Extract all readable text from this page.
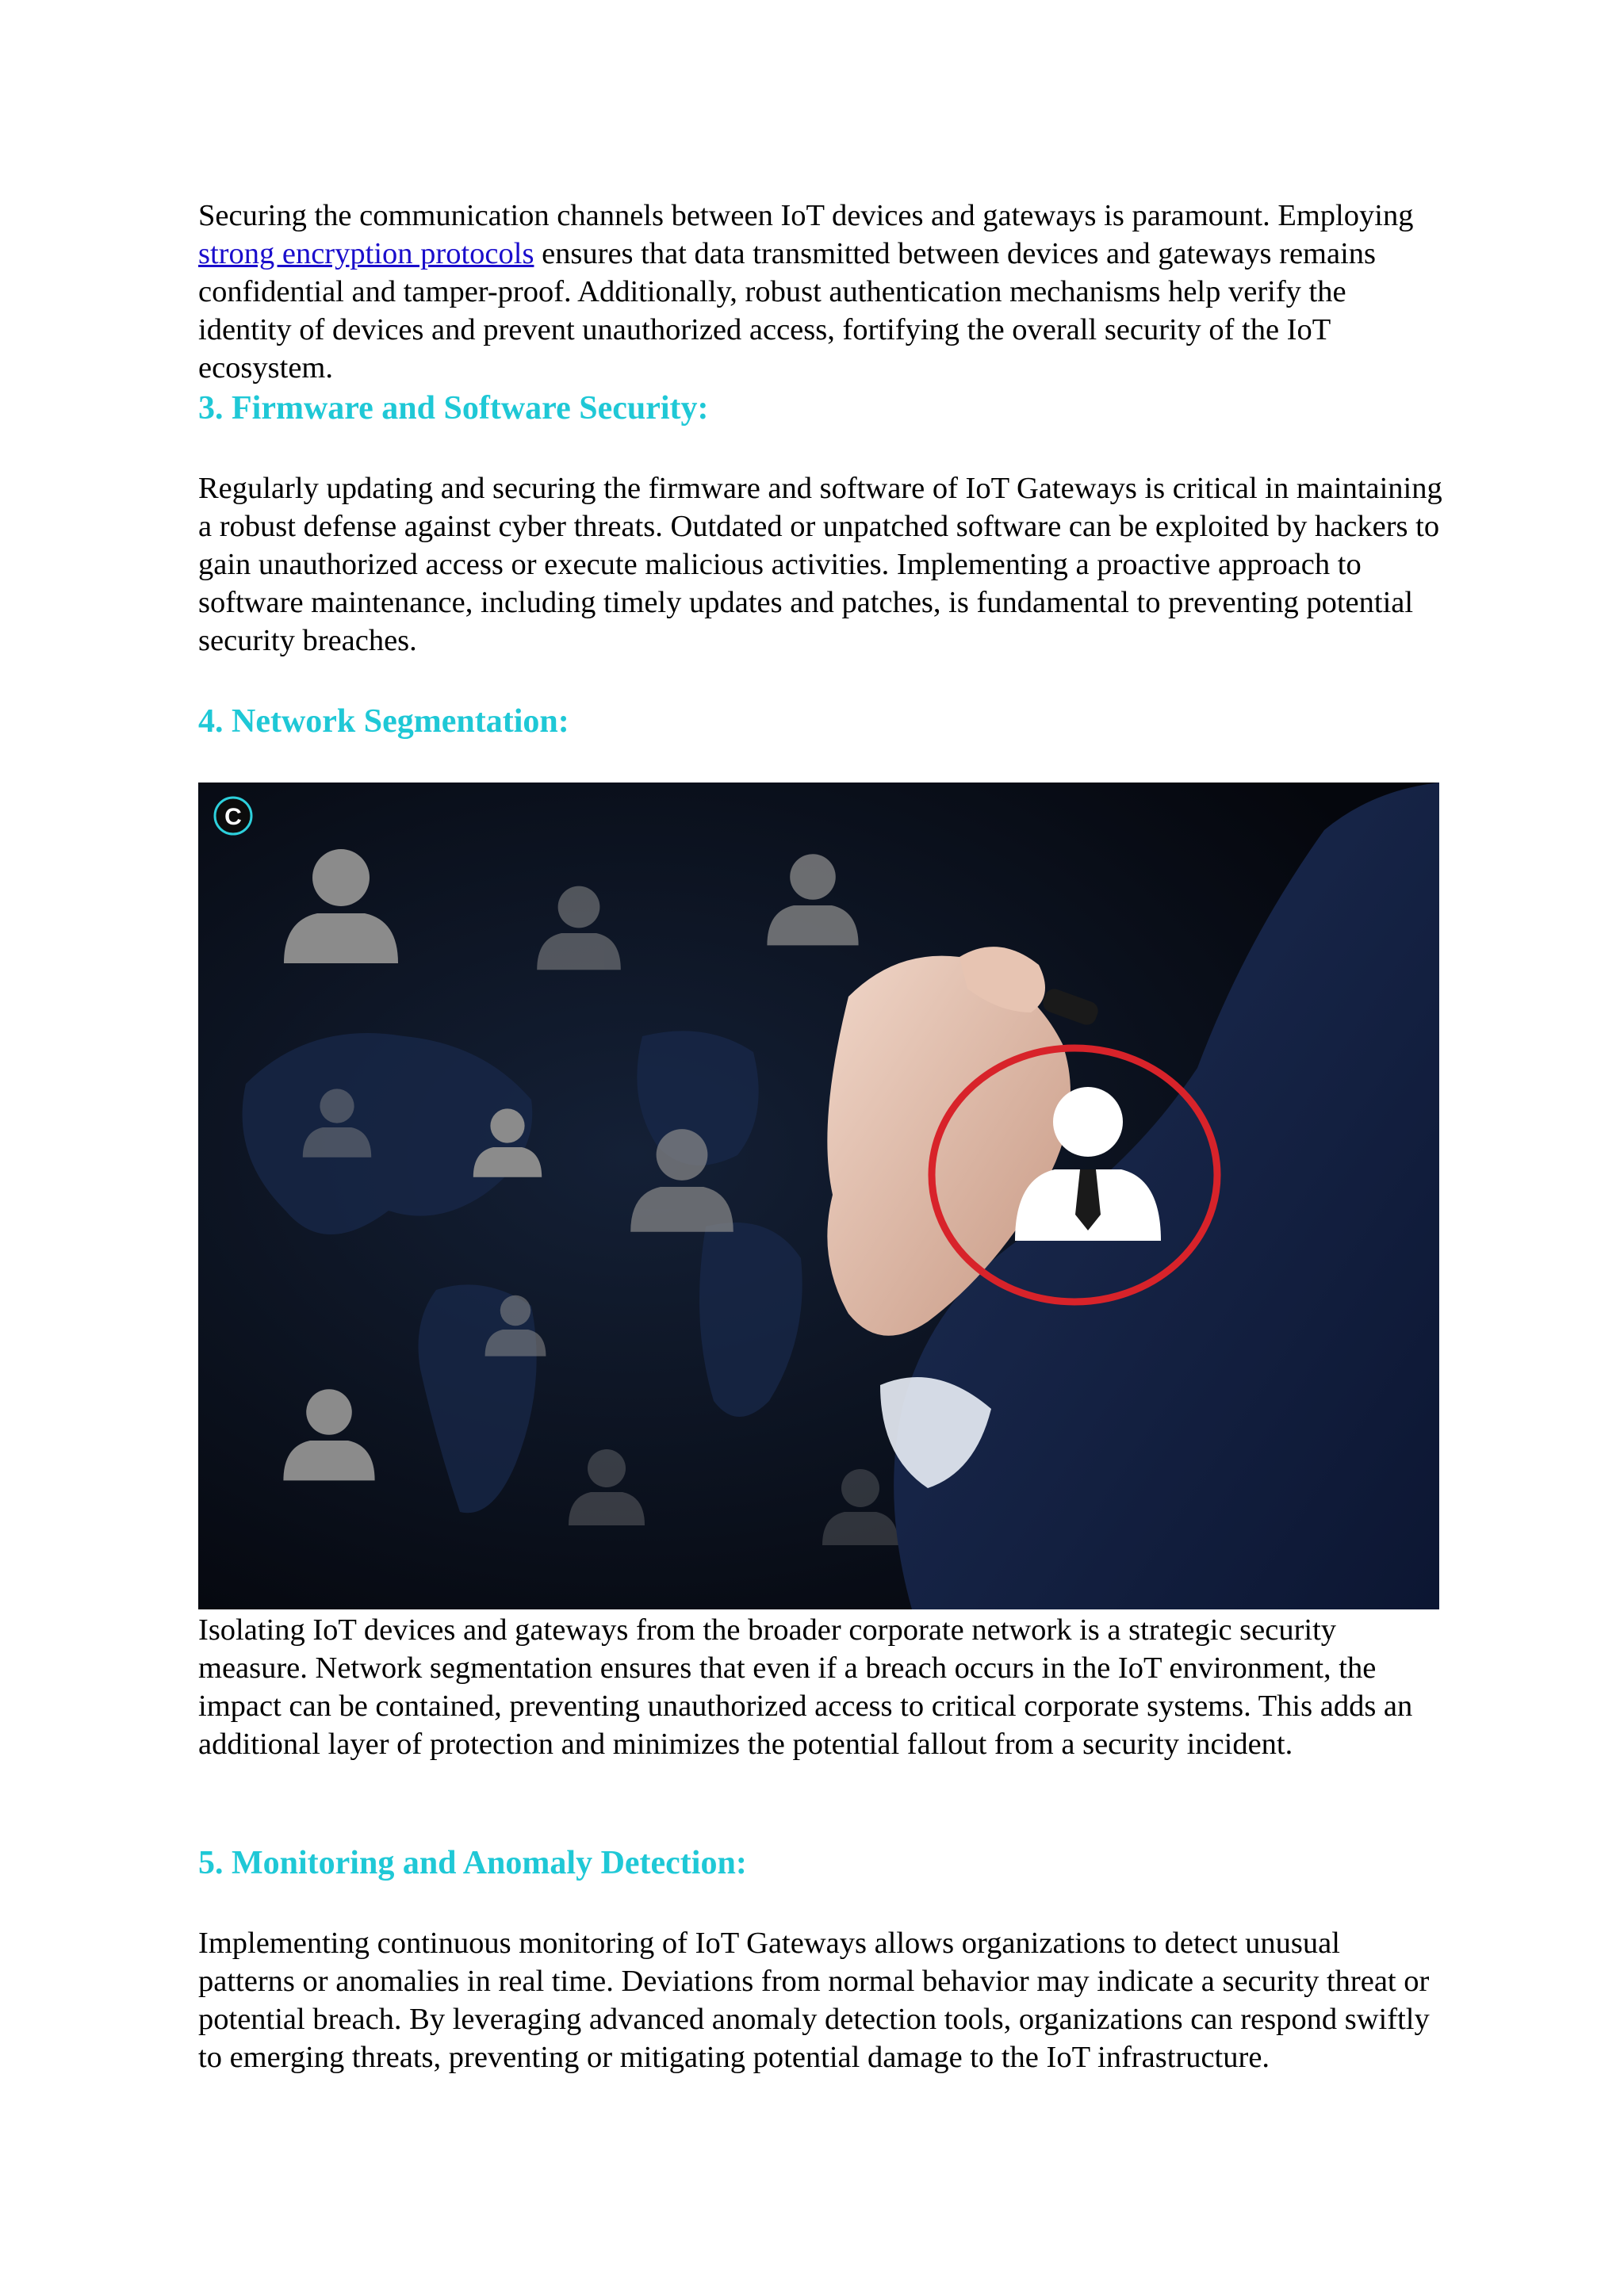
Securing the communication channels between IoT devices and gateways is paramount. Employing strong encryption protocols ensures that data transmitted between devices and gateways remains confidential and tamper-proof. Additionally, robust authentication mechanisms help verify the identity of devices and prevent unauthorized access, fortifying the overall security of the IoT ecosystem.

3. Firmware and Software Security:

Regularly updating and securing the firmware and software of IoT Gateways is critical in maintaining a robust defense against cyber threats. Outdated or unpatched software can be exploited by hackers to gain unauthorized access or execute malicious activities. Implementing a proactive approach to software maintenance, including timely updates and patches, is fundamental to preventing potential security breaches.

4. Network Segmentation:
C

Isolating IoT devices and gateways from the broader corporate network is a strategic security measure. Network segmentation ensures that even if a breach occurs in the IoT environment, the impact can be contained, preventing unauthorized access to critical corporate systems. This adds an additional layer of protection and minimizes the potential fallout from a security incident.

5. Monitoring and Anomaly Detection:

Implementing continuous monitoring of IoT Gateways allows organizations to detect unusual patterns or anomalies in real time. Deviations from normal behavior may indicate a security threat or potential breach. By leveraging advanced anomaly detection tools, organizations can respond swiftly to emerging threats, preventing or mitigating potential damage to the IoT infrastructure.
